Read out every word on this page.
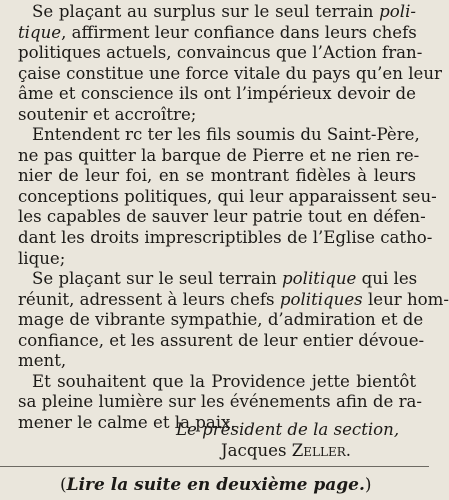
Se plaçant au surplus sur le seul terrain poli-
tique, affirment leur confiance dans leurs chefs
politiques actuels, convaincus que l’Action fran-
çaise constitue une force vitale du pays qu’en leur
âme et conscience ils ont l’impérieux devoir de
soutenir et accroître;
Entendent rc ter les fils soumis du Saint-Père,
ne pas quitter la barque de Pierre et ne rien re-
nier de leur foi, en se montrant fidèles à leurs
conceptions politiques, qui leur apparaissent seu-
les capables de sauver leur patrie tout en défen-
dant les droits imprescriptibles de l’Eglise catho-
lique;
Se plaçant sur le seul terrain politique qui les
réunit, adressent à leurs chefs politiques leur hom-
mage de vibrante sympathie, d’admiration et de
confiance, et les assurent de leur entier dévoue-
ment,
Et souhaitent que la Providence jette bientôt
sa pleine lumière sur les événements afin de ra-
mener le calme et la paix.
Le président de la section,
Jacques Zeller.
(Lire la suite en deuxième page.)
